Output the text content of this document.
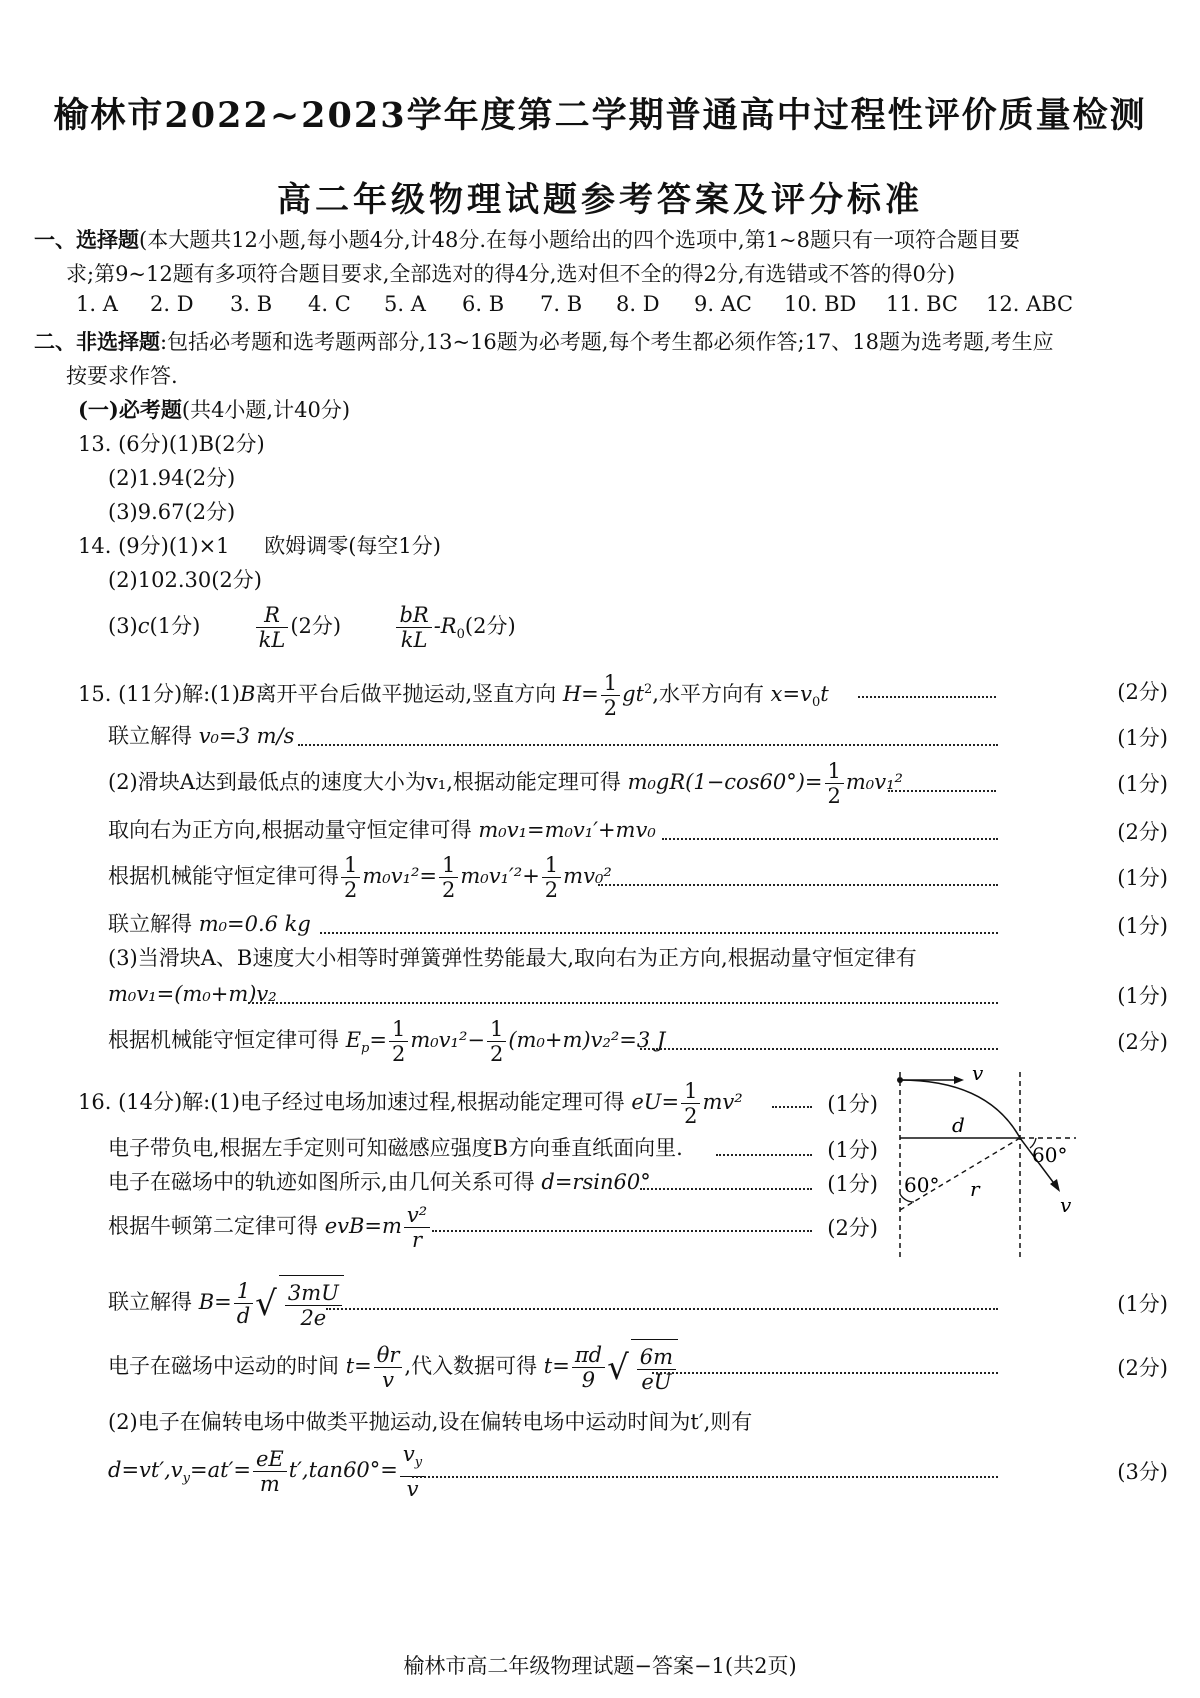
榆林市2022~2023学年度第二学期普通高中过程性评价质量检测
高二年级物理试题参考答案及评分标准
一、选择题(本大题共12小题,每小题4分,计48分.在每小题给出的四个选项中,第1~8题只有一项符合题目要
求;第9~12题有多项符合题目要求,全部选对的得4分,选对但不全的得2分,有选错或不答的得0分)
1. A 2. D 3. B 4. C 5. A 6. B 7. B 8. D 9. AC 10. BD 11. BC 12. ABC
二、非选择题:包括必考题和选考题两部分,13~16题为必考题,每个考生都必须作答;17、18题为选考题,考生应
按要求作答.
(一)必考题(共4小题,计40分)
13. (6分)(1)B(2分)
(2)1.94(2分)
(3)9.67(2分)
14. (9分)(1)×1 欧姆调零(每空1分)
(2)102.30(2分)
(3)c(1分)	$\frac{R}{kL} (2$分)	$\frac{bR}{kL} -R_0(2$分)
15. (11分)解:(1)B离开平台后做平抛运动,竖直方向 $H= \frac{1}{2} gt^2$,水平方向有 $x=v_0t$	(2分)
联立解得 v₀=3 m/s	(1分)
(2)滑块A达到最低点的速度大小为v₁,根据动能定理可得 $m_0gR(1-\cos 60^\circ)= \frac{1}{2} m_0v_1^2$	(1分)
取向右为正方向,根据动量守恒定律可得 m₀v₁=m₀v₁′+mv₀	(2分)
根据机械能守恒定律可得 $\frac{1}{2} m_0v_1^2= \frac{1}{2} m_0v_1'^2+ \frac{1}{2} mv_0^2$	(1分)
联立解得 m₀=0.6 kg	(1分)
(3)当滑块A、B速度大小相等时弹簧弹性势能最大,取向右为正方向,根据动量守恒定律有
m₀v₁=(m₀+m)v₂	(1分)
根据机械能守恒定律可得 $E_p= \frac{1}{2} m_0v_1^2- \frac{1}{2} (m_0+m)v_2^2=3$ J	(2分)
16. (14分)解:(1)电子经过电场加速过程,根据动能定理可得 $eU= \frac{1}{2} mv^2$	(1分)
电子带负电,根据左手定则可知磁感应强度B方向垂直纸面向里.	(1分)
电子在磁场中的轨迹如图所示,由几何关系可得 d=rsin60°	(1分)
根据牛顿第二定律可得 $evB=m \frac{\text{v²}}{r}$	(2分)
联立解得 $B= \frac{1}{d}$ √ $\frac{3mU}{2e}$	(1分)
电子在磁场中运动的时间 $t= \frac{\theta r}{v}$ ,代入数据可得 $t= \frac{\pi d}{9}$ √ $\frac{6m}{eU}$	(2分)
(2)电子在偏转电场中做类平抛运动,设在偏转电场中运动时间为t′,则有
$d=vt',v_y=at'= \frac{eE}{m} t',\tan 60^\circ= \frac{v_y}{v}$	(3分)
v
d
60°
60° r
v
榆林市高二年级物理试题−答案−1(共2页)
